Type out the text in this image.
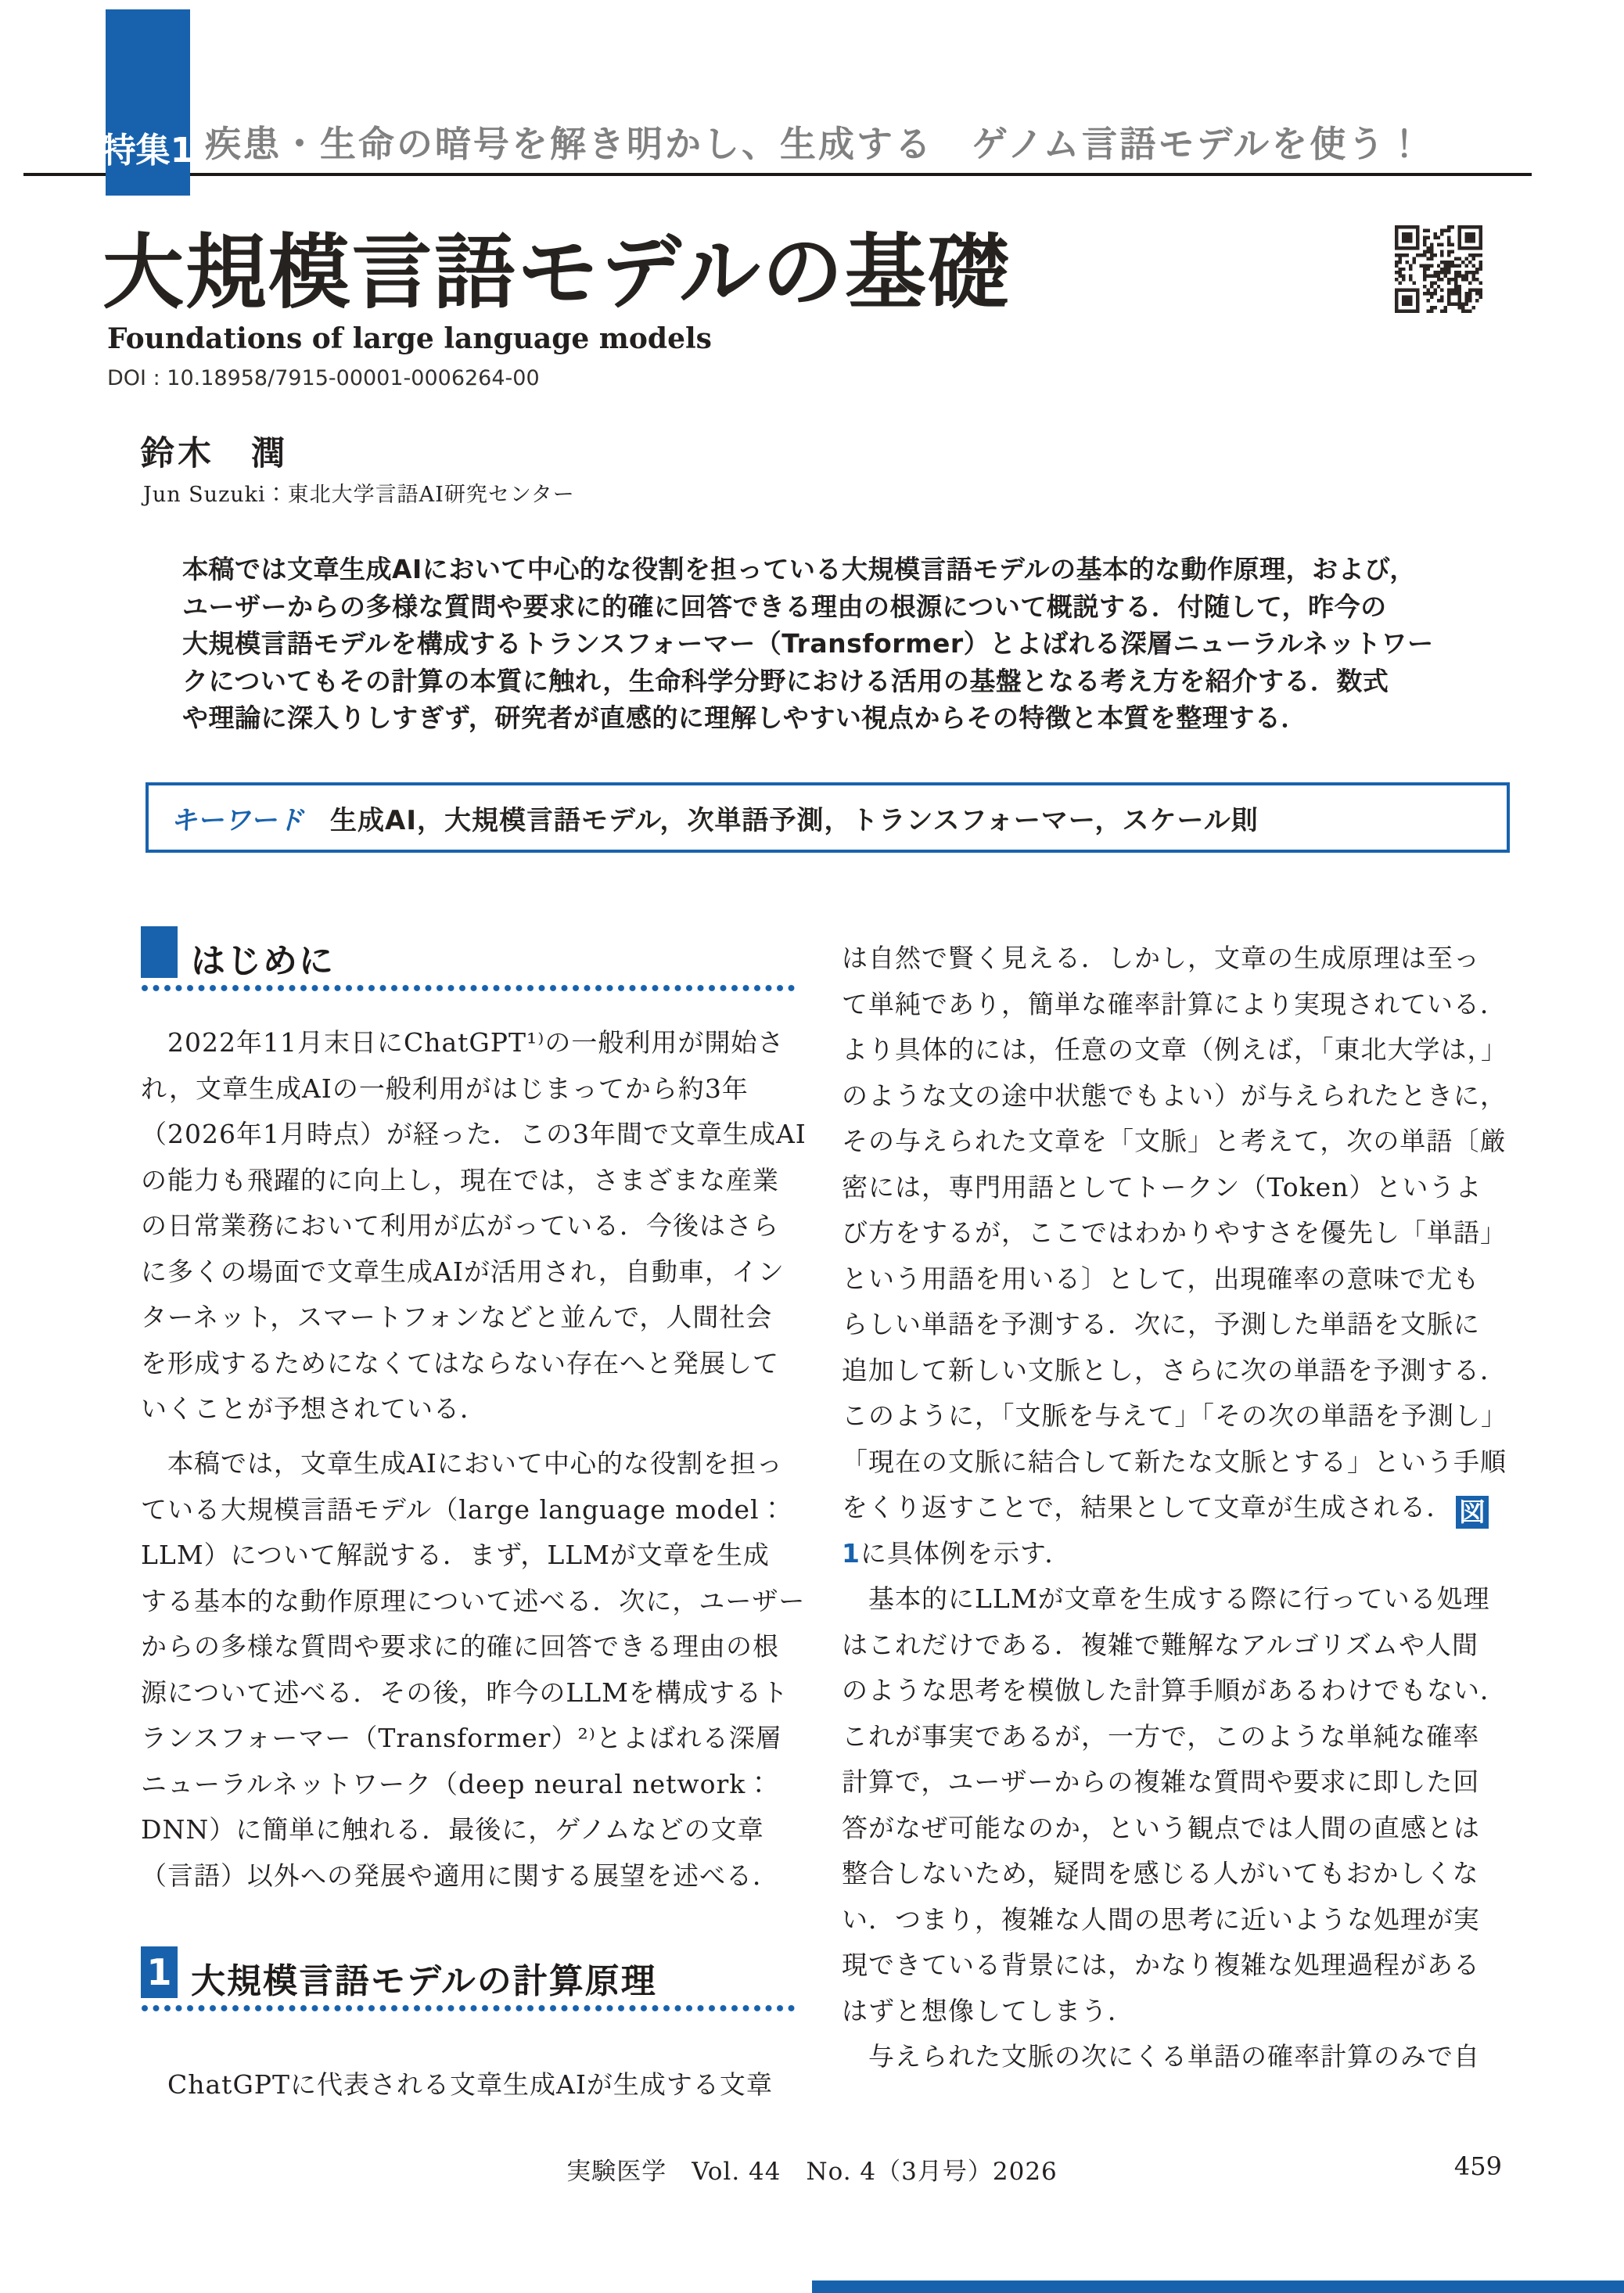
特集1 疾患・生命の暗号を解き明かし、生成する　ゲノム言語モデルを使う！
大規模言語モデルの基礎
Foundations of large language models
DOI : 10.18958/7915-00001-0006264-00
鈴木　潤
Jun Suzuki：東北大学言語AI研究センター
本稿では文章生成AIにおいて中心的な役割を担っている大規模言語モデルの基本的な動作原理，および，
ユーザーからの多様な質問や要求に的確に回答できる理由の根源について概説する．付随して，昨今の
大規模言語モデルを構成するトランスフォーマー（Transformer）とよばれる深層ニューラルネットワー
クについてもその計算の本質に触れ，生命科学分野における活用の基盤となる考え方を紹介する．数式
や理論に深入りしすぎず，研究者が直感的に理解しやすい視点からその特徴と本質を整理する．
キーワード 生成AI，大規模言語モデル，次単語予測，トランスフォーマー，スケール則
はじめに
　2022年11月末日にChatGPT¹⁾の一般利用が開始さ
れ，文章生成AIの一般利用がはじまってから約3年
（2026年1月時点）が経った．この3年間で文章生成AI
の能力も飛躍的に向上し，現在では，さまざまな産業
の日常業務において利用が広がっている．今後はさら
に多くの場面で文章生成AIが活用され，自動車，イン
ターネット，スマートフォンなどと並んで，人間社会
を形成するためになくてはならない存在へと発展して
いくことが予想されている．
　本稿では，文章生成AIにおいて中心的な役割を担っ
ている大規模言語モデル（large language model：
LLM）について解説する．まず，LLMが文章を生成
する基本的な動作原理について述べる．次に，ユーザー
からの多様な質問や要求に的確に回答できる理由の根
源について述べる．その後，昨今のLLMを構成するト
ランスフォーマー（Transformer）²⁾とよばれる深層
ニューラルネットワーク（deep neural network：
DNN）に簡単に触れる．最後に，ゲノムなどの文章
（言語）以外への発展や適用に関する展望を述べる．
1 大規模言語モデルの計算原理
　ChatGPTに代表される文章生成AIが生成する文章
は自然で賢く見える．しかし，文章の生成原理は至っ
て単純であり，簡単な確率計算により実現されている．
より具体的には，任意の文章（例えば，「東北大学は，」
のような文の途中状態でもよい）が与えられたときに，
その与えられた文章を「文脈」と考えて，次の単語〔厳
密には，専門用語としてトークン（Token）というよ
び方をするが，ここではわかりやすさを優先し「単語」
という用語を用いる〕として，出現確率の意味で尤も
らしい単語を予測する．次に，予測した単語を文脈に
追加して新しい文脈とし，さらに次の単語を予測する．
このように，「文脈を与えて」「その次の単語を予測し」
「現在の文脈に結合して新たな文脈とする」という手順
をくり返すことで，結果として文章が生成される． 図
1に具体例を示す．
　基本的にLLMが文章を生成する際に行っている処理
はこれだけである．複雑で難解なアルゴリズムや人間
のような思考を模倣した計算手順があるわけでもない．
これが事実であるが，一方で，このような単純な確率
計算で，ユーザーからの複雑な質問や要求に即した回
答がなぜ可能なのか，という観点では人間の直感とは
整合しないため，疑問を感じる人がいてもおかしくな
い．つまり，複雑な人間の思考に近いような処理が実
現できている背景には，かなり複雑な処理過程がある
はずと想像してしまう．
　与えられた文脈の次にくる単語の確率計算のみで自
実験医学　Vol. 44　No. 4（3月号）2026	459
